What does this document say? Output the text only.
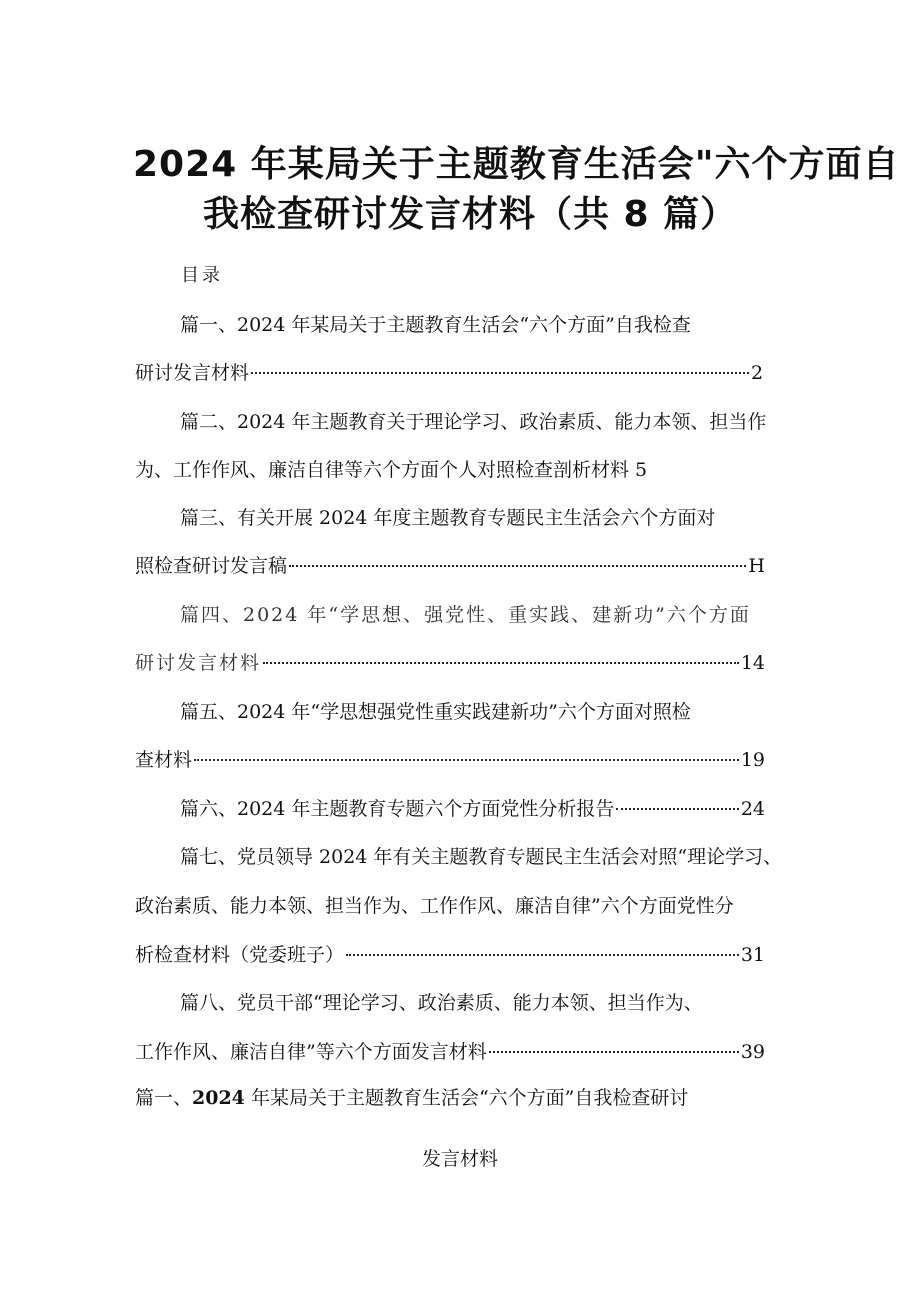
2024 年某局关于主题教育生活会"六个方面自
我检查研讨发言材料（共 8 篇）
目录
篇一、2024 年某局关于主题教育生活会“六个方面”自我检查
研讨发言材料	2
篇二、2024 年主题教育关于理论学习、政治素质、能力本领、担当作
为、工作作风、廉洁自律等六个方面个人对照检查剖析材料 5
篇三、有关开展 2024 年度主题教育专题民主生活会六个方面对
照检查研讨发言稿	H
篇四、2024 年“学思想、强党性、重实践、建新功”六个方面
研讨发言材料	14
篇五、2024 年“学思想强党性重实践建新功”六个方面对照检
查材料	19
篇六、2024 年主题教育专题六个方面党性分析报告	24
篇七、党员领导 2024 年有关主题教育专题民主生活会对照“理论学习、
政治素质、能力本领、担当作为、工作作风、廉洁自律”六个方面党性分
析检查材料（党委班子）	31
篇八、党员干部“理论学习、政治素质、能力本领、担当作为、
工作作风、廉洁自律”等六个方面发言材料	39
篇一、2024 年某局关于主题教育生活会“六个方面”自我检查研讨
发言材料
